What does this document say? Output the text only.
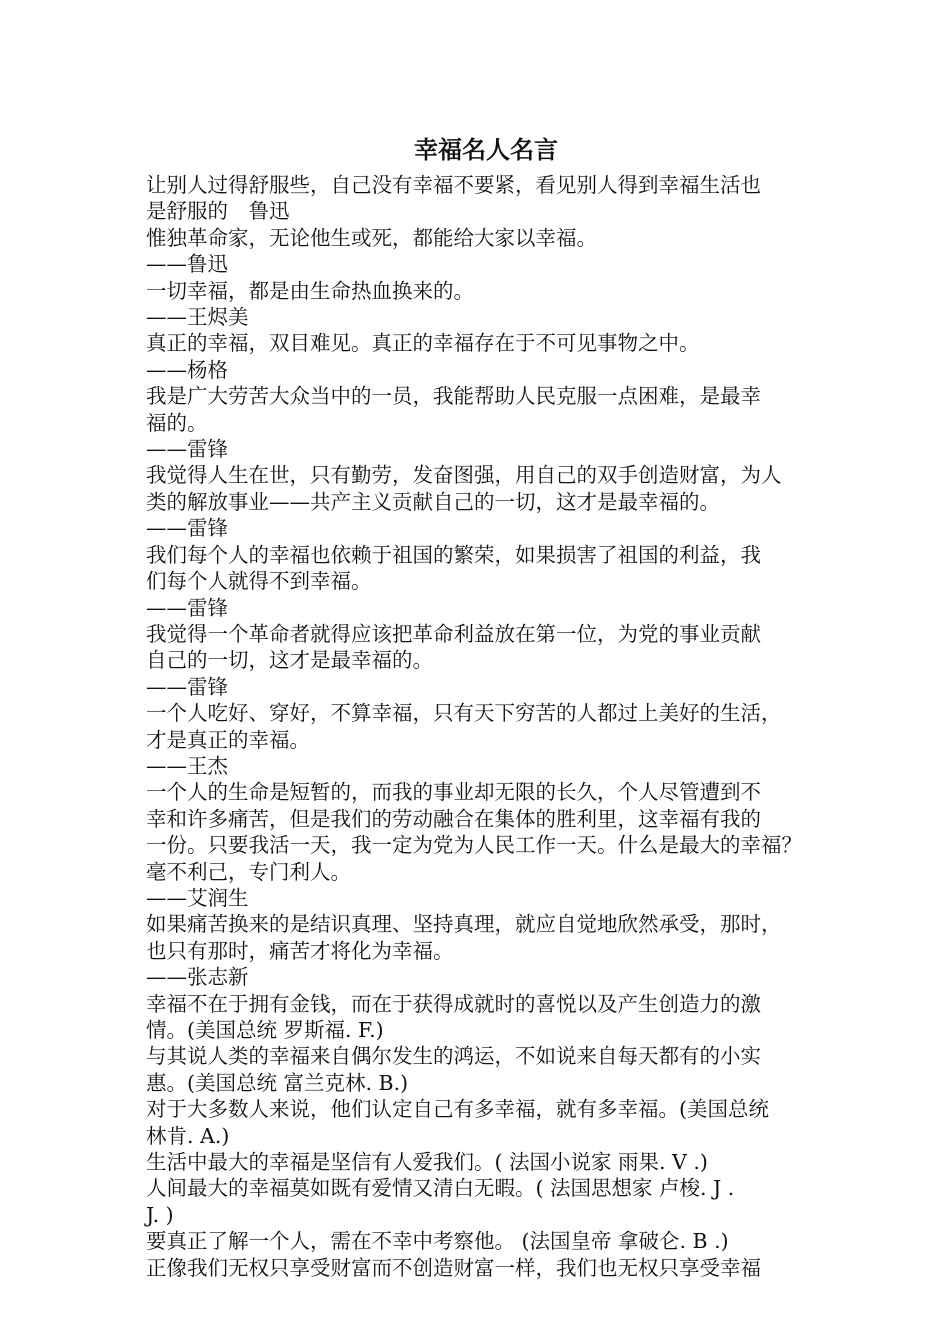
幸福名人名言

让别人过得舒服些，自己没有幸福不要紧，看见别人得到幸福生活也

是舒服的　鲁迅

惟独革命家，无论他生或死，都能给大家以幸福。

——鲁迅

一切幸福，都是由生命热血换来的。

——王烬美

真正的幸福，双目难见。真正的幸福存在于不可见事物之中。

——杨格

我是广大劳苦大众当中的一员，我能帮助人民克服一点困难，是最幸

福的。

——雷锋

我觉得人生在世，只有勤劳，发奋图强，用自己的双手创造财富，为人

类的解放事业——共产主义贡献自己的一切，这才是最幸福的。

——雷锋

我们每个人的幸福也依赖于祖国的繁荣，如果损害了祖国的利益，我

们每个人就得不到幸福。

——雷锋

我觉得一个革命者就得应该把革命利益放在第一位，为党的事业贡献

自己的一切，这才是最幸福的。

——雷锋

一个人吃好、穿好，不算幸福，只有天下穷苦的人都过上美好的生活，

才是真正的幸福。

——王杰

一个人的生命是短暂的，而我的事业却无限的长久，个人尽管遭到不

幸和许多痛苦，但是我们的劳动融合在集体的胜利里，这幸福有我的

一份。只要我活一天，我一定为党为人民工作一天。什么是最大的幸福？

毫不利己，专门利人。

——艾润生

如果痛苦换来的是结识真理、坚持真理，就应自觉地欣然承受，那时，

也只有那时，痛苦才将化为幸福。

——张志新

幸福不在于拥有金钱，而在于获得成就时的喜悦以及产生创造力的激

情。(美国总统 罗斯福. F.)

与其说人类的幸福来自偶尔发生的鸿运，不如说来自每天都有的小实

惠。(美国总统 富兰克林. B.)

对于大多数人来说，他们认定自己有多幸福，就有多幸福。(美国总统

林肯. A.)

生活中最大的幸福是坚信有人爱我们。( 法国小说家 雨果. V .)

人间最大的幸福莫如既有爱情又清白无暇。( 法国思想家 卢梭. J .

J. )

要真正了解一个人，需在不幸中考察他。 (法国皇帝 拿破仑. B .)

正像我们无权只享受财富而不创造财富一样，我们也无权只享受幸福
